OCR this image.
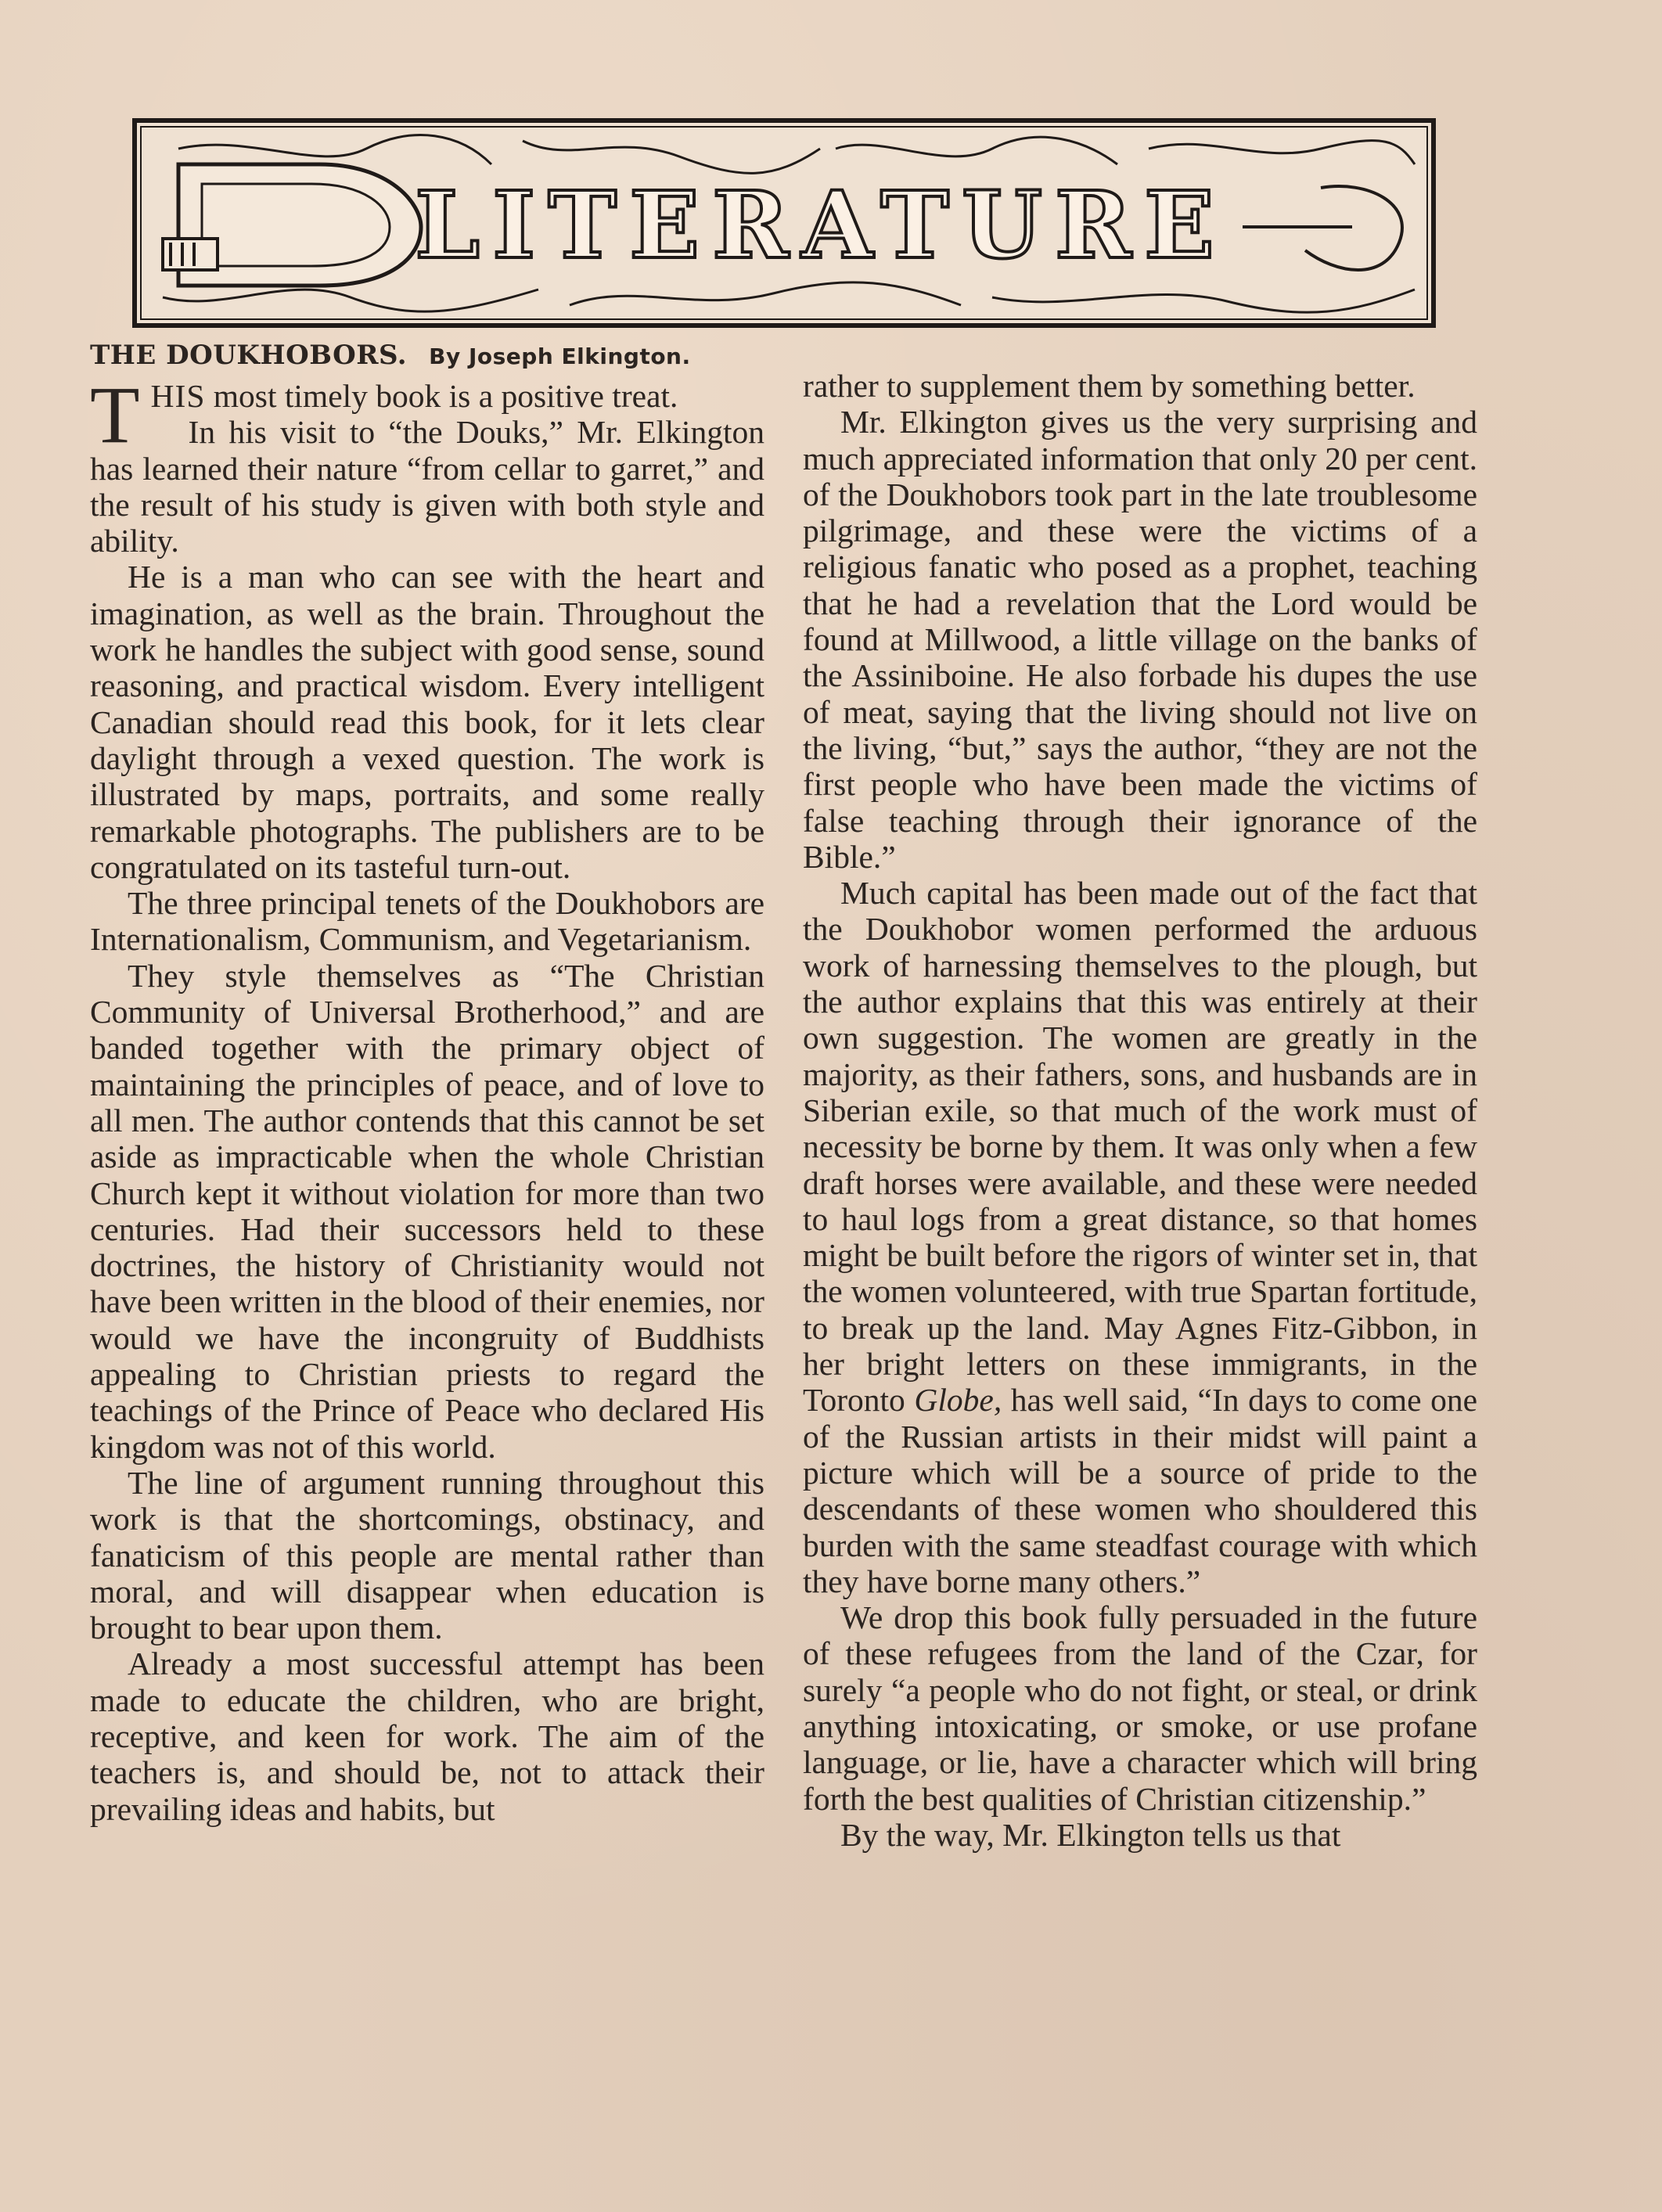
LITERATURE
THE DOUKHOBORS. By Joseph Elkington.

THIS most timely book is a positive treat.

In his visit to “the Douks,” Mr. Elkington has learned their nature “from cellar to garret,” and the result of his study is given with both style and ability.

He is a man who can see with the heart and imagination, as well as the brain. Throughout the work he handles the subject with good sense, sound reasoning, and practical wisdom. Every intelligent Canadian should read this book, for it lets clear daylight through a vexed question. The work is illustrated by maps, portraits, and some really remarkable photographs. The publishers are to be congratulated on its tasteful turn-out.

The three principal tenets of the Doukhobors are Internationalism, Communism, and Vegetarianism.

They style themselves as “The Christian Community of Universal Brotherhood,” and are banded together with the primary object of maintaining the principles of peace, and of love to all men. The author contends that this cannot be set aside as impracticable when the whole Christian Church kept it without violation for more than two centuries. Had their successors held to these doctrines, the history of Christianity would not have been written in the blood of their enemies, nor would we have the incongruity of Buddhists appealing to Christian priests to regard the teachings of the Prince of Peace who declared His kingdom was not of this world.

The line of argument running throughout this work is that the shortcomings, obstinacy, and fanaticism of this people are mental rather than moral, and will disappear when education is brought to bear upon them.

Already a most successful attempt has been made to educate the children, who are bright, receptive, and keen for work. The aim of the teachers is, and should be, not to attack their prevailing ideas and habits, but

rather to supplement them by something better.

Mr. Elkington gives us the very surprising and much appreciated information that only 20 per cent. of the Doukhobors took part in the late troublesome pilgrimage, and these were the victims of a religious fanatic who posed as a prophet, teaching that he had a revelation that the Lord would be found at Millwood, a little village on the banks of the Assiniboine. He also forbade his dupes the use of meat, saying that the living should not live on the living, “but,” says the author, “they are not the first people who have been made the victims of false teaching through their ignorance of the Bible.”

Much capital has been made out of the fact that the Doukhobor women performed the arduous work of harnessing themselves to the plough, but the author explains that this was entirely at their own suggestion. The women are greatly in the majority, as their fathers, sons, and husbands are in Siberian exile, so that much of the work must of necessity be borne by them. It was only when a few draft horses were available, and these were needed to haul logs from a great distance, so that homes might be built before the rigors of winter set in, that the women volunteered, with true Spartan fortitude, to break up the land. May Agnes Fitz-Gibbon, in her bright letters on these immigrants, in the Toronto Globe, has well said, “In days to come one of the Russian artists in their midst will paint a picture which will be a source of pride to the descendants of these women who shouldered this burden with the same steadfast courage with which they have borne many others.”

We drop this book fully persuaded in the future of these refugees from the land of the Czar, for surely “a people who do not fight, or steal, or drink anything intoxicating, or smoke, or use profane language, or lie, have a character which will bring forth the best qualities of Christian citizenship.”

By the way, Mr. Elkington tells us that
